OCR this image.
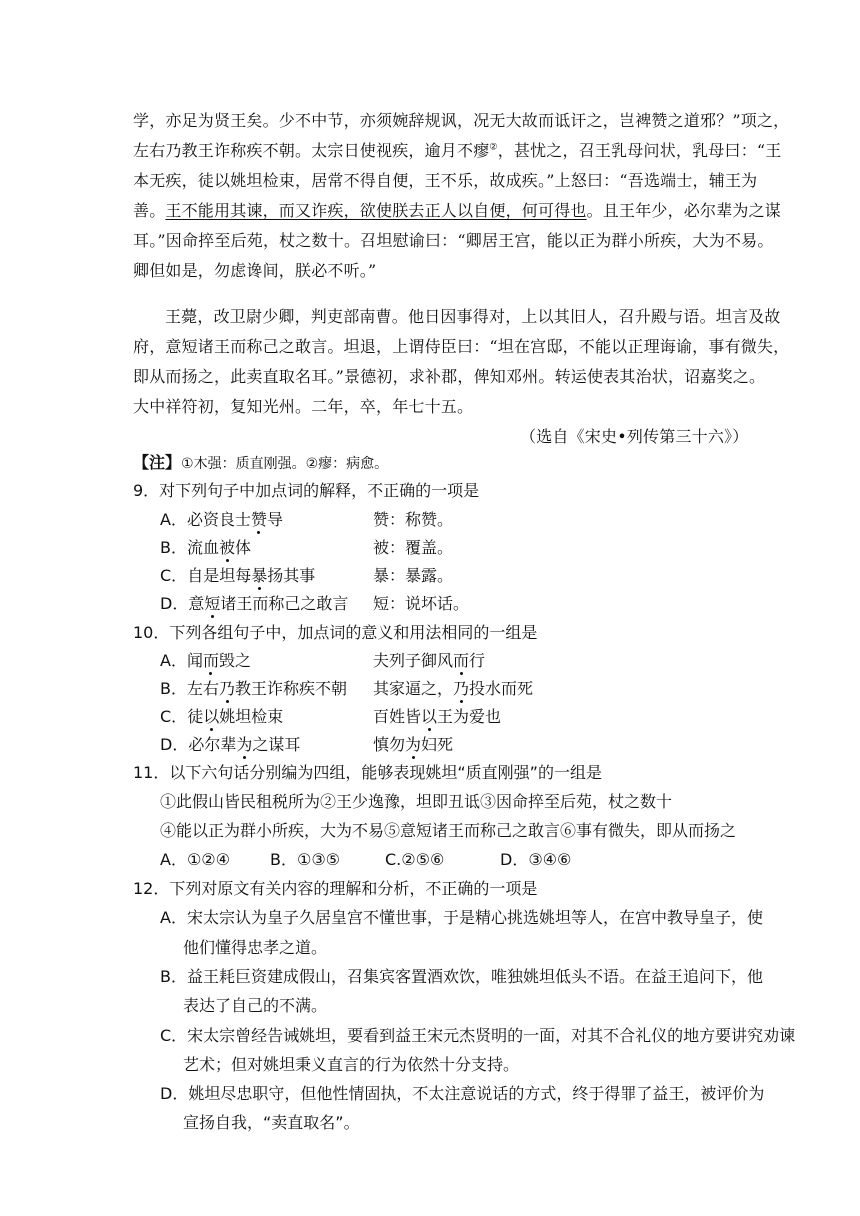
学，亦足为贤王矣。少不中节，亦须婉辞规讽，况无大故而诋讦之，岂裨赞之道邪？”项之，
左右乃教王诈称疾不朝。太宗日使视疾，逾月不瘳②，甚忧之，召王乳母问状，乳母曰：“王
本无疾，徒以姚坦检束，居常不得自便，王不乐，故成疾。”上怒曰：“吾选端士，辅王为
善。王不能用其谏，而又诈疾，欲使朕去正人以自便，何可得也。且王年少，必尔辈为之谋
耳。”因命捽至后苑，杖之数十。召坦慰谕曰：“卿居王宫，能以正为群小所疾，大为不易。
卿但如是，勿虑谗间，朕必不听。”
王薨，改卫尉少卿，判吏部南曹。他日因事得对，上以其旧人，召升殿与语。坦言及故
府，意短诸王而称己之敢言。坦退，上谓侍臣曰：“坦在宫邸，不能以正理诲谕，事有微失，
即从而扬之，此卖直取名耳。”景德初，求补郡，俾知邓州。转运使表其治状，诏嘉奖之。
大中祥符初，复知光州。二年，卒，年七十五。
（选自《宋史•列传第三十六》）
【注】①木强：质直刚强。②瘳：病愈。
9．对下列句子中加点词的解释，不正确的一项是
A．必资良士赞导	赞：称赞。
B．流血被体	被：覆盖。
C．自是坦每暴扬其事	暴：暴露。
D．意短诸王而称己之敢言 短：说坏话。
10．下列各组句子中，加点词的意义和用法相同的一组是
A．闻而毁之	夫列子御风而行
B．左右乃教王诈称疾不朝 其家逼之，乃投水而死
C．徒以姚坦检束	百姓皆以王为爱也
D．必尔辈为之谋耳	慎勿为妇死
11．以下六句话分别编为四组，能够表现姚坦“质直刚强”的一组是
①此假山皆民租税所为②王少逸豫，坦即丑诋③因命捽至后苑，杖之数十
④能以正为群小所疾，大为不易⑤意短诸王而称己之敢言⑥事有微失，即从而扬之
A．①②④	B．①③⑤	C.②⑤⑥	D．③④⑥
12．下列对原文有关内容的理解和分析，不正确的一项是
A．宋太宗认为皇子久居皇宫不懂世事，于是精心挑选姚坦等人，在宫中教导皇子，使
他们懂得忠孝之道。
B．益王耗巨资建成假山，召集宾客置酒欢饮，唯独姚坦低头不语。在益王追问下，他
表达了自己的不满。
C．宋太宗曾经告诫姚坦，要看到益王宋元杰贤明的一面，对其不合礼仪的地方要讲究劝谏
艺术；但对姚坦秉义直言的行为依然十分支持。
D．姚坦尽忠职守，但他性情固执，不太注意说话的方式，终于得罪了益王，被评价为
宣扬自我，“卖直取名”。
